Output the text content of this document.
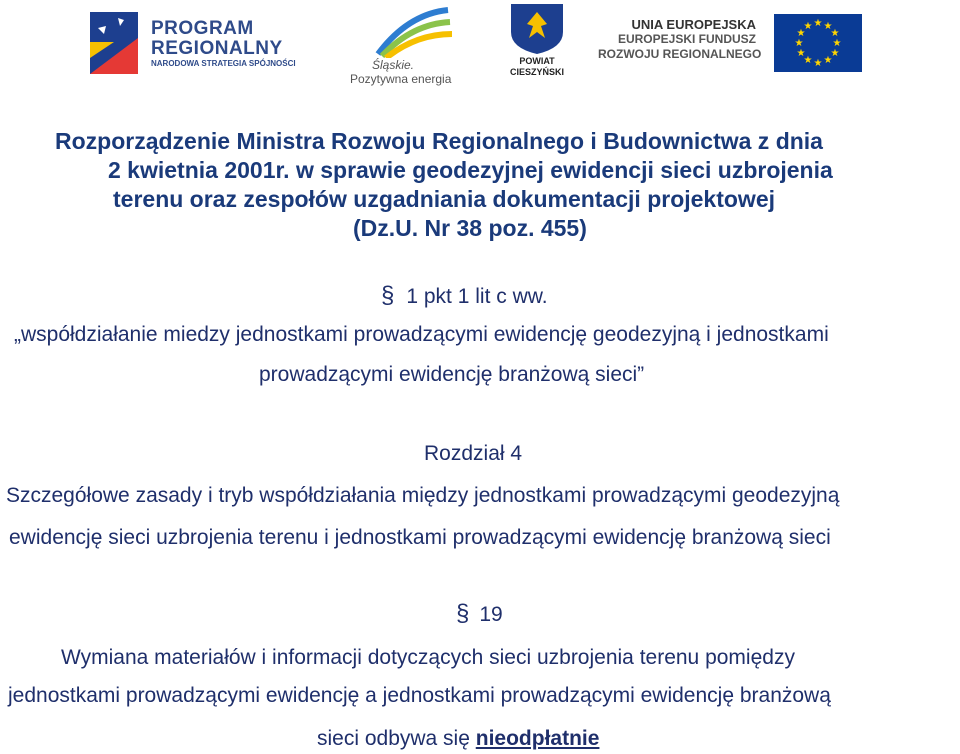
PROGRAM REGIONALNY
NARODOWA STRATEGIA SPÓJNOŚCI	Śląskie.
Pozytywna energia
POWIAT
CIESZYŃSKI
UNIA EUROPEJSKA
EUROPEJSKI FUNDUSZ
ROZWOJU REGIONALNEGO
★ ★
★
★
★
★
★
★
★
★
★
★
Rozporządzenie Ministra Rozwoju Regionalnego i Budownictwa z dnia
2 kwietnia 2001r. w sprawie geodezyjnej ewidencji sieci uzbrojenia
terenu oraz zespołów uzgadniania dokumentacji projektowej
(Dz.U. Nr 38 poz. 455)
§ 1 pkt 1 lit c ww.
„współdziałanie miedzy jednostkami prowadzącymi ewidencję geodezyjną i jednostkami
prowadzącymi ewidencję branżową sieci”
Rozdział 4
Szczegółowe zasady i tryb współdziałania między jednostkami prowadzącymi geodezyjną
ewidencję sieci uzbrojenia terenu i jednostkami prowadzącymi ewidencję branżową sieci
§ 19
Wymiana materiałów i informacji dotyczących sieci uzbrojenia terenu pomiędzy
jednostkami prowadzącymi ewidencję a jednostkami prowadzącymi ewidencję branżową
sieci odbywa się nieodpłatnie
